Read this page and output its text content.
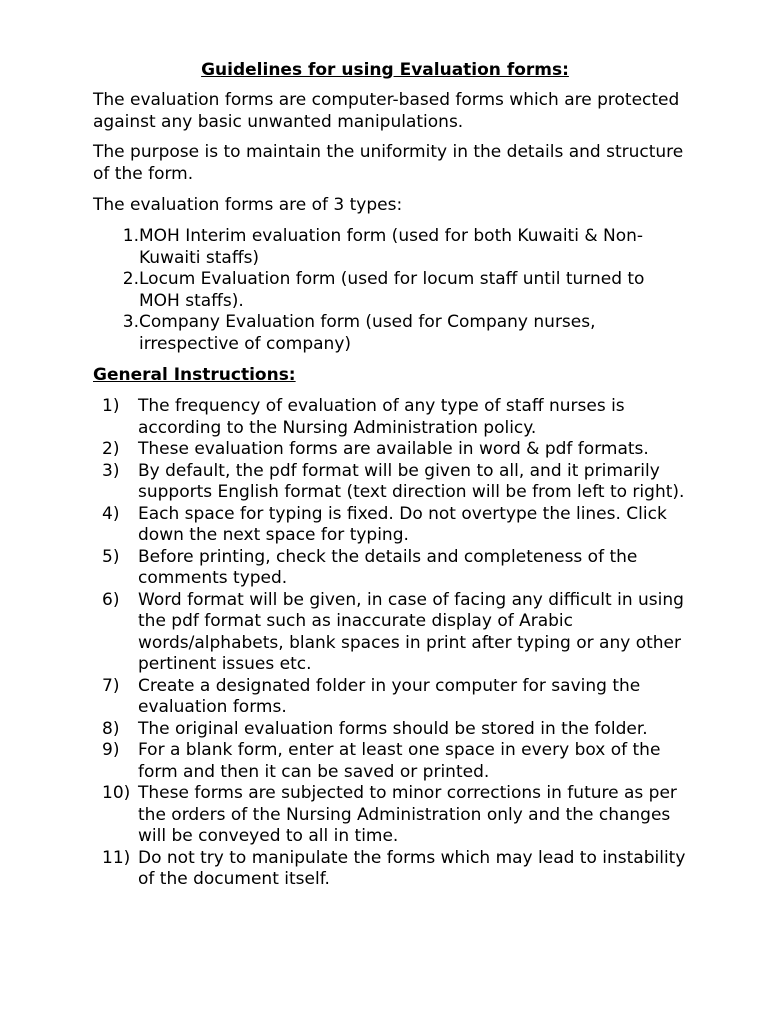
Guidelines for using Evaluation forms:

The evaluation forms are computer-based forms which are protected against any basic unwanted manipulations.

The purpose is to maintain the uniformity in the details and structure of the form.

The evaluation forms are of 3 types:

1. MOH Interim evaluation form (used for both Kuwaiti & Non-Kuwaiti staffs)
2. Locum Evaluation form (used for locum staff until turned to MOH staffs).
3. Company Evaluation form (used for Company nurses, irrespective of company)
General Instructions:
1)	The frequency of evaluation of any type of staff nurses is according to the Nursing Administration policy.
2)	These evaluation forms are available in word & pdf formats.
3)	By default, the pdf format will be given to all, and it primarily supports English format (text direction will be from left to right).
4)	Each space for typing is fixed. Do not overtype the lines. Click down the next space for typing.
5)	Before printing, check the details and completeness of the comments typed.
6)	Word format will be given, in case of facing any difficult in using the pdf format such as inaccurate display of Arabic words/alphabets, blank spaces in print after typing or any other pertinent issues etc.
7)	Create a designated folder in your computer for saving the evaluation forms.
8)	The original evaluation forms should be stored in the folder.
9)	For a blank form, enter at least one space in every box of the form and then it can be saved or printed.
10) These forms are subjected to minor corrections in future as per the orders of the Nursing Administration only and the changes will be conveyed to all in time.
11) Do not try to manipulate the forms which may lead to instability of the document itself.
